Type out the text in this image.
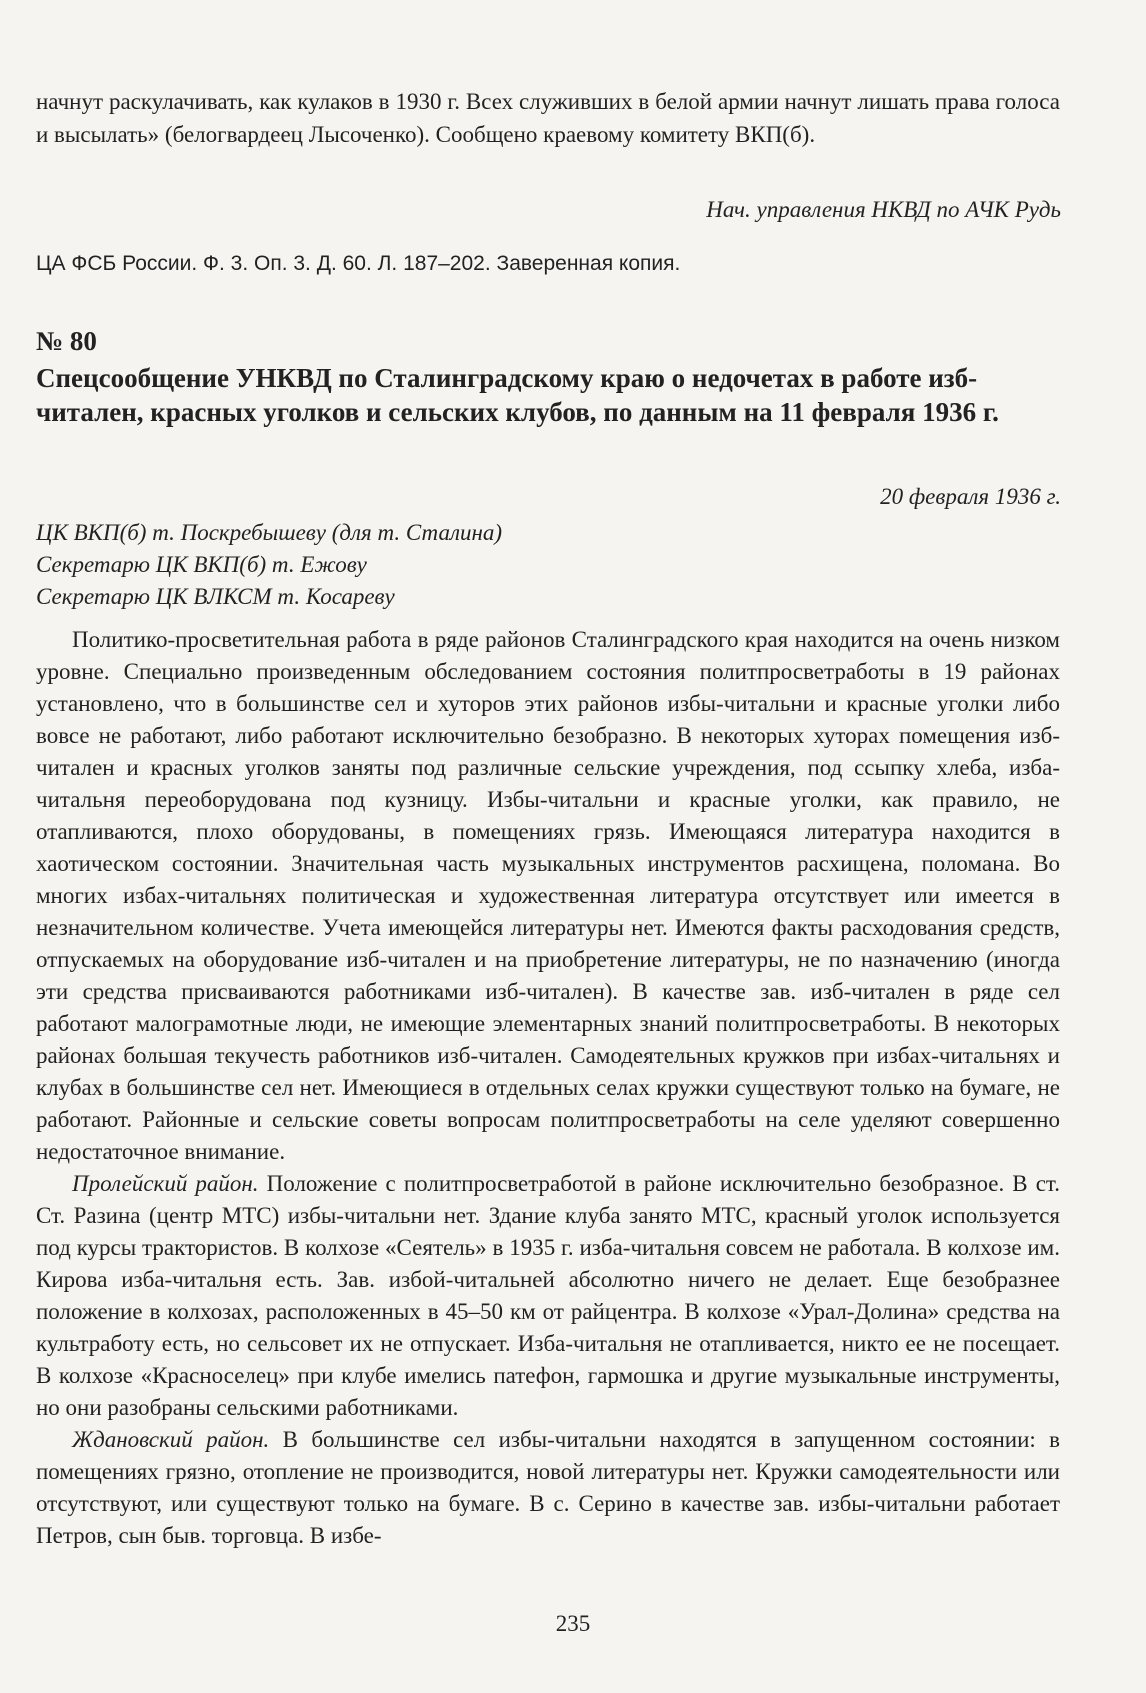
начнут раскулачивать, как кулаков в 1930 г. Всех служивших в белой армии начнут лишать права голоса и высылать» (белогвардеец Лысоченко). Сообщено краевому комитету ВКП(б).
Нач. управления НКВД по АЧК Рудь
ЦА ФСБ России. Ф. 3. Оп. 3. Д. 60. Л. 187–202. Заверенная копия.
№ 80
Спецсообщение УНКВД по Сталинградскому краю о недочетах в работе изб-читален, красных уголков и сельских клубов, по данным на 11 февраля 1936 г.
20 февраля 1936 г.
ЦК ВКП(б) т. Поскребышеву (для т. Сталина)
Секретарю ЦК ВКП(б) т. Ежову
Секретарю ЦК ВЛКСМ т. Косареву

Политико-просветительная работа в ряде районов Сталинградского края находится на очень низком уровне. Специально произведенным обследованием состояния политпросветработы в 19 районах установлено, что в большинстве сел и хуторов этих районов избы-читальни и красные уголки либо вовсе не работают, либо работают исключительно безобразно. В некоторых хуторах помещения изб-читален и красных уголков заняты под различные сельские учреждения, под ссыпку хлеба, изба-читальня переоборудована под кузницу. Избы-читальни и красные уголки, как правило, не отапливаются, плохо оборудованы, в помещениях грязь. Имеющаяся литература находится в хаотическом состоянии. Значительная часть музыкальных инструментов расхищена, поломана. Во многих избах-читальнях политическая и художественная литература отсутствует или имеется в незначительном количестве. Учета имеющейся литературы нет. Имеются факты расходования средств, отпускаемых на оборудование изб-читален и на приобретение литературы, не по назначению (иногда эти средства присваиваются работниками изб-читален). В качестве зав. изб-читален в ряде сел работают малограмотные люди, не имеющие элементарных знаний политпросветработы. В некоторых районах большая текучесть работников изб-читален. Самодеятельных кружков при избах-читальнях и клубах в большинстве сел нет. Имеющиеся в отдельных селах кружки существуют только на бумаге, не работают. Районные и сельские советы вопросам политпросветработы на селе уделяют совершенно недостаточное внимание.

Пролейский район. Положение с политпросветработой в районе исключительно безобразное. В ст. Ст. Разина (центр МТС) избы-читальни нет. Здание клуба занято МТС, красный уголок используется под курсы трактористов. В колхозе «Сеятель» в 1935 г. изба-читальня совсем не работала. В колхозе им. Кирова изба-читальня есть. Зав. избой-читальней абсолютно ничего не делает. Еще безобразнее положение в колхозах, расположенных в 45–50 км от райцентра. В колхозе «Урал-Долина» средства на культработу есть, но сельсовет их не отпускает. Изба-читальня не отапливается, никто ее не посещает. В колхозе «Красноселец» при клубе имелись патефон, гармошка и другие музыкальные инструменты, но они разобраны сельскими работниками.

Ждановский район. В большинстве сел избы-читальни находятся в запущенном состоянии: в помещениях грязно, отопление не производится, новой литературы нет. Кружки самодеятельности или отсутствуют, или существуют только на бумаге. В с. Серино в качестве зав. избы-читальни работает Петров, сын быв. торговца. В избе-

235
